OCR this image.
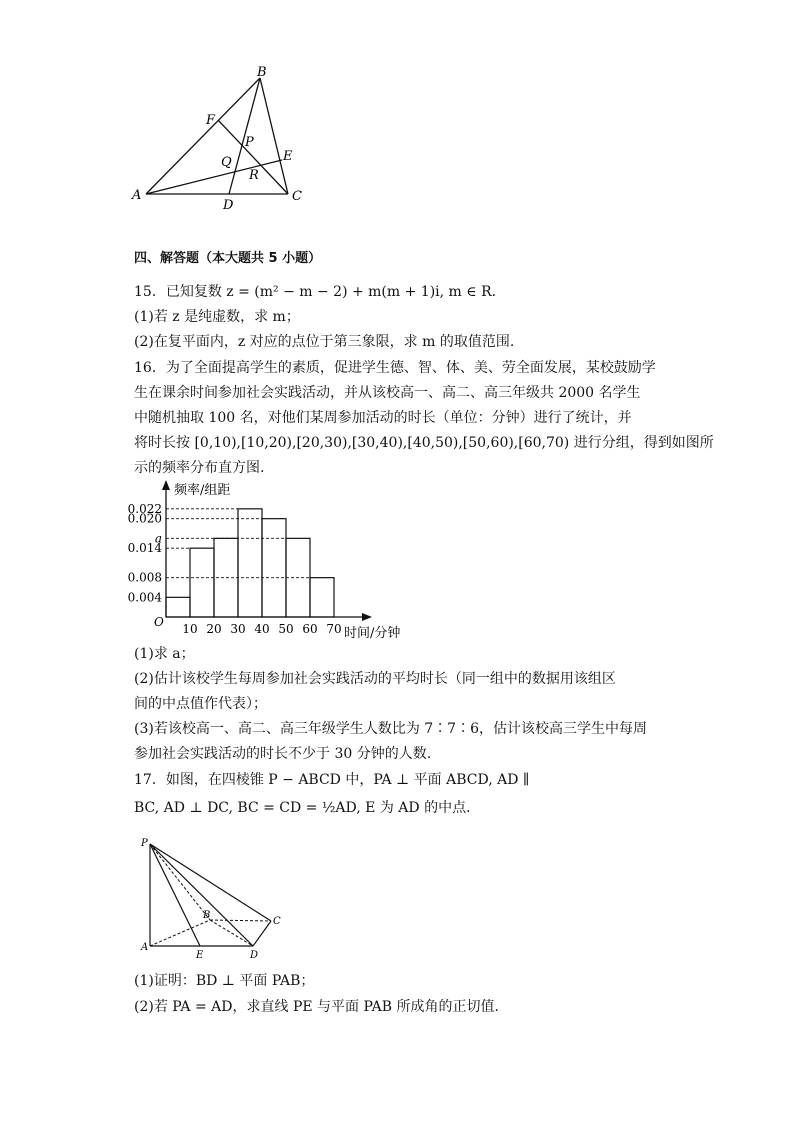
A
B
C
D
E
F
P
Q
R
四、解答题（本大题共 5 小题）
15．已知复数 z = (m² − m − 2) + m(m + 1)i, m ∈ R．
(1)若 z 是纯虚数，求 m；
(2)在复平面内，z 对应的点位于第三象限，求 m 的取值范围.
16．为了全面提高学生的素质，促进学生德、智、体、美、劳全面发展，某校鼓励学
生在课余时间参加社会实践活动，并从该校高一、高二、高三年级共 2000 名学生
中随机抽取 100 名，对他们某周参加活动的时长（单位：分钟）进行了统计，并
将时长按 [0,10),[10,20),[20,30),[30,40),[40,50),[50,60),[60,70) 进行分组，得到如图所
示的频率分布直方图.
0.004
0.008
0.014
a
0.020
0.022
10 20 30 40 50 60 70
O
频率/组距
时间/分钟
(1)求 a；
(2)估计该校学生每周参加社会实践活动的平均时长（同一组中的数据用该组区
间的中点值作代表）；
(3)若该校高一、高二、高三年级学生人数比为 7∶7∶6，估计该校高三学生中每周
参加社会实践活动的时长不少于 30 分钟的人数.
17．如图，在四棱锥 P − ABCD 中，PA ⊥ 平面 ABCD, AD ∥
BC, AD ⊥ DC, BC = CD = ½AD, E 为 AD 的中点．
P
A
B
C
D
E
(1)证明：BD ⊥ 平面 PAB；
(2)若 PA = AD，求直线 PE 与平面 PAB 所成角的正切值．
